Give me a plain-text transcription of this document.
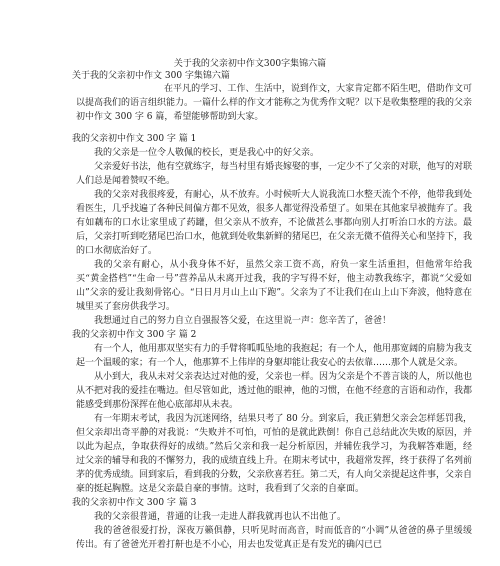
关于我的父亲初中作文300字集锦六篇
关于我的父亲初中作文 300 字集锦六篇

在平凡的学习、工作、生活中，说到作文，大家肯定都不陌生吧，借助作文可以提高我们的语言组织能力。一篇什么样的作文才能称之为优秀作文呢？以下是收集整理的我的父亲初中作文 300 字 6 篇，希望能够帮助到大家。

我的父亲初中作文 300 字 篇 1

我的父亲是一位令人敬佩的校长，更是我心中的好父亲。

父亲爱好书法，他有空就练字，每当村里有婚丧嫁娶的事，一定少不了父亲的对联，他写的对联人们总是闻着赞叹不绝。

我的父亲对我很疼爱，有耐心，从不放弃。小时候听大人说我流口水整天流个不停，他带我到处看医生，几乎找遍了各种民间偏方都不见效，很多人都觉得没希望了。如果在其他家早被抛弃了。我有如藕布的口水让家里成了药罐，但父亲从不放弃，不论做甚么事都向别人打听治口水的方法。最后，父亲打听到吃猪尾巴治口水，他就到处收集新鲜的猪尾巴，在父亲无微不值得关心和坚持下，我的口水彻底治好了。

我的父亲有耐心，从小我身体不好，虽然父亲工资不高，府负一家生活重担，但他常年给我买“黄金搭档”“生命一号”营养品从未离开过我，我的字写得不好，他主动教我练字，都说“父爱如山”父亲的爱让我刻骨铭心。“日日月月山上山下跑”。父亲为了不让我们在山上山下奔波，他特意在城里买了套房供我学习。

我想通过自己的努力自立自强报答父爱，在这里说一声：您辛苦了，爸爸！

我的父亲初中作文 300 字 篇 2

有一个人，他用那双坚实有力的手臂将呱呱坠地的我抱起；有一个人，他用那宽阔的肩膀为我支起一个温暖的家；有一个人，他那算不上伟岸的身躯却能让我安心的去依靠……那个人就是父亲。

从小到大，我从未对父亲表达过对他的爱，父亲也一样。因为父亲是个不善言谈的人，所以他也从不把对我的爱挂在嘴边。但尽管如此，透过他的眼神，他的习惯，在他不经意的言语和动作，我都能感受到那份深挥在他心底部却从未表。

有一年期末考试，我因为沉迷网络，结果只考了 80 分。到家后，我正猜想父亲会怎样惩罚我，但父亲却出奇平静的对我说：“失败并不可怕，可怕的是就此跌倒！你自己总结此次失败的原因，并以此为起点，争取获得好的成绩。”然后父亲和我一起分析原因，并辅佐我学习，为我解答难题，经过父亲的辅导和我的不懈努力，我的成绩直线上升。在期末考试中，我超常发挥，终于获得了名列前茅的优秀成绩。回到家后，看到我的分数，父亲欣喜若狂。第二天，有人向父亲提起这件事，父亲自豪的挺起胸膛。这是父亲最自豪的事情。这时，我看到了父亲的自豪面。

我的父亲初中作文 300 字 篇 3

我的父亲很普通，普通的让我一走进人群我就再也认不出他了。

我的爸爸很爱打扮，深夜万籁俱静，只听见时而高音，时而低音的“小调”从爸爸的鼻子里缓缓传出。有了爸爸光开着打鼾也是不小心，用去也发觉真正是有发光的确闪已已
